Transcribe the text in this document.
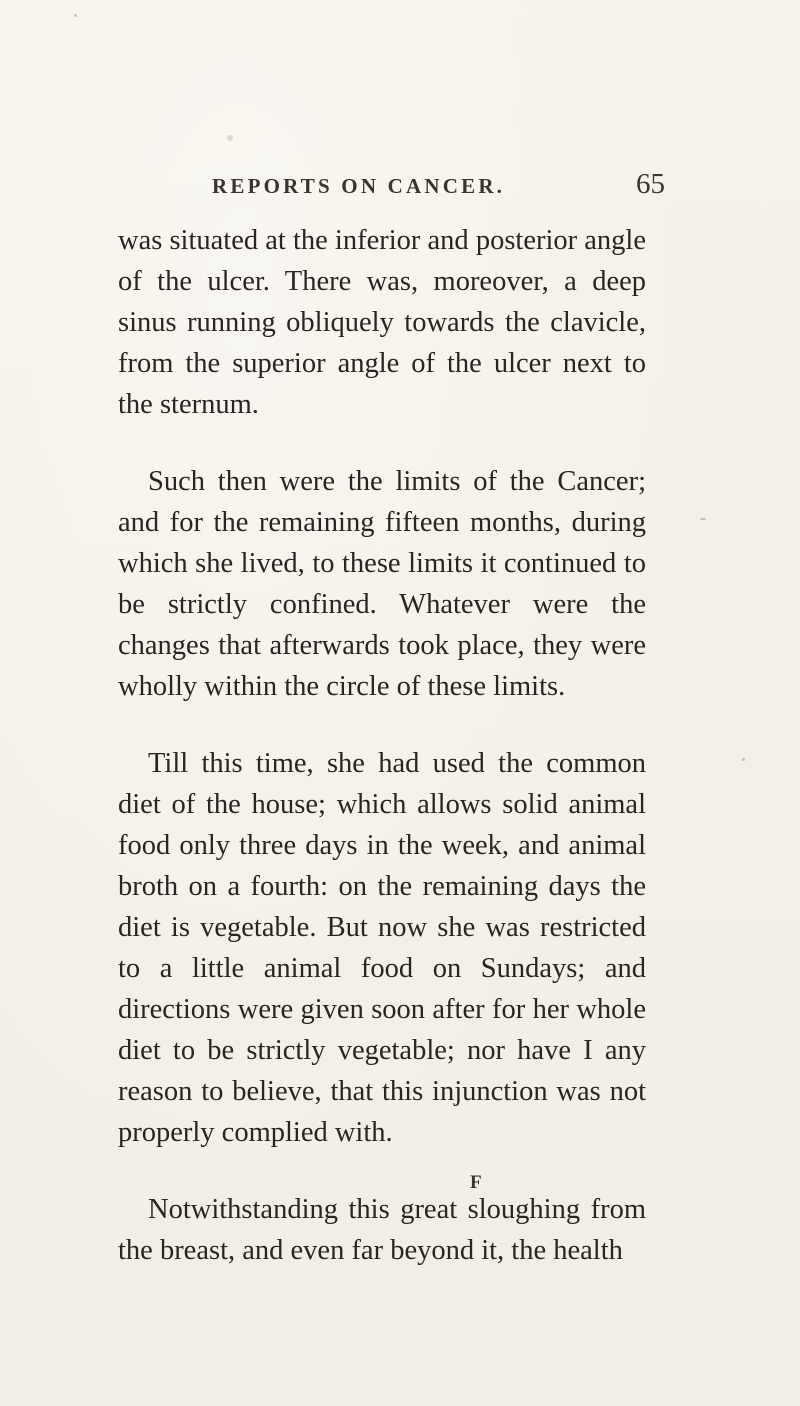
REPORTS ON CANCER.	65

was situated at the inferior and posterior angle of the ulcer. There was, moreover, a deep sinus running obliquely towards the clavicle, from the superior angle of the ulcer next to the sternum.

Such then were the limits of the Cancer; and for the remaining fifteen months, during which she lived, to these limits it continued to be strictly confined. Whatever were the changes that afterwards took place, they were wholly within the circle of these limits.

Till this time, she had used the common diet of the house; which allows solid animal food only three days in the week, and animal broth on a fourth: on the remaining days the diet is vegetable. But now she was restricted to a little animal food on Sundays; and directions were given soon after for her whole diet to be strictly vegetable; nor have I any reason to believe, that this injunction was not properly complied with.

Notwithstanding this great sloughing from the breast, and even far beyond it, the health

F
